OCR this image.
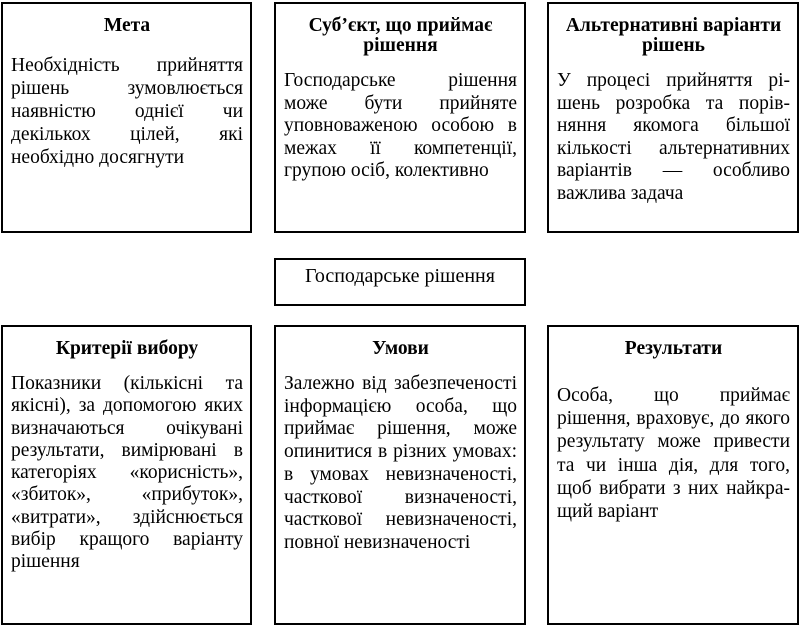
Мета

Необхідність прийняття рішень зумовлюється наявністю однієї чи декількох цілей, які необхідно досягнути

Суб’єкт, що приймає рішення

Господарське рішення може бути прийняте уповноваженою особою в межах її компетенції, групою осіб, колективно

Альтернативні варіанти рішень

У процесі прийняття рішень розробка та порівняння якомога більшої кількості альтернативних варіантів — особливо важлива задача

Господарське рішення

Критерії вибору

Показники (кількісні та якісні), за допомогою яких визначаються очікувані результати, вимірювані в категоріях «корисність», «збиток», «прибуток», «витрати», здійснюється вибір кращого варіанту рішення

Умови

Залежно від забезпеченості інформацією особа, що приймає рішення, може опинитися в різних умовах: в умовах невизначеності, часткової визначеності, часткової невизначеності, повної невизначеності

Результати

Особа, що приймає рішення, враховує, до якого результату може привести та чи інша дія, для того, щоб вибрати з них найкращий варіант
